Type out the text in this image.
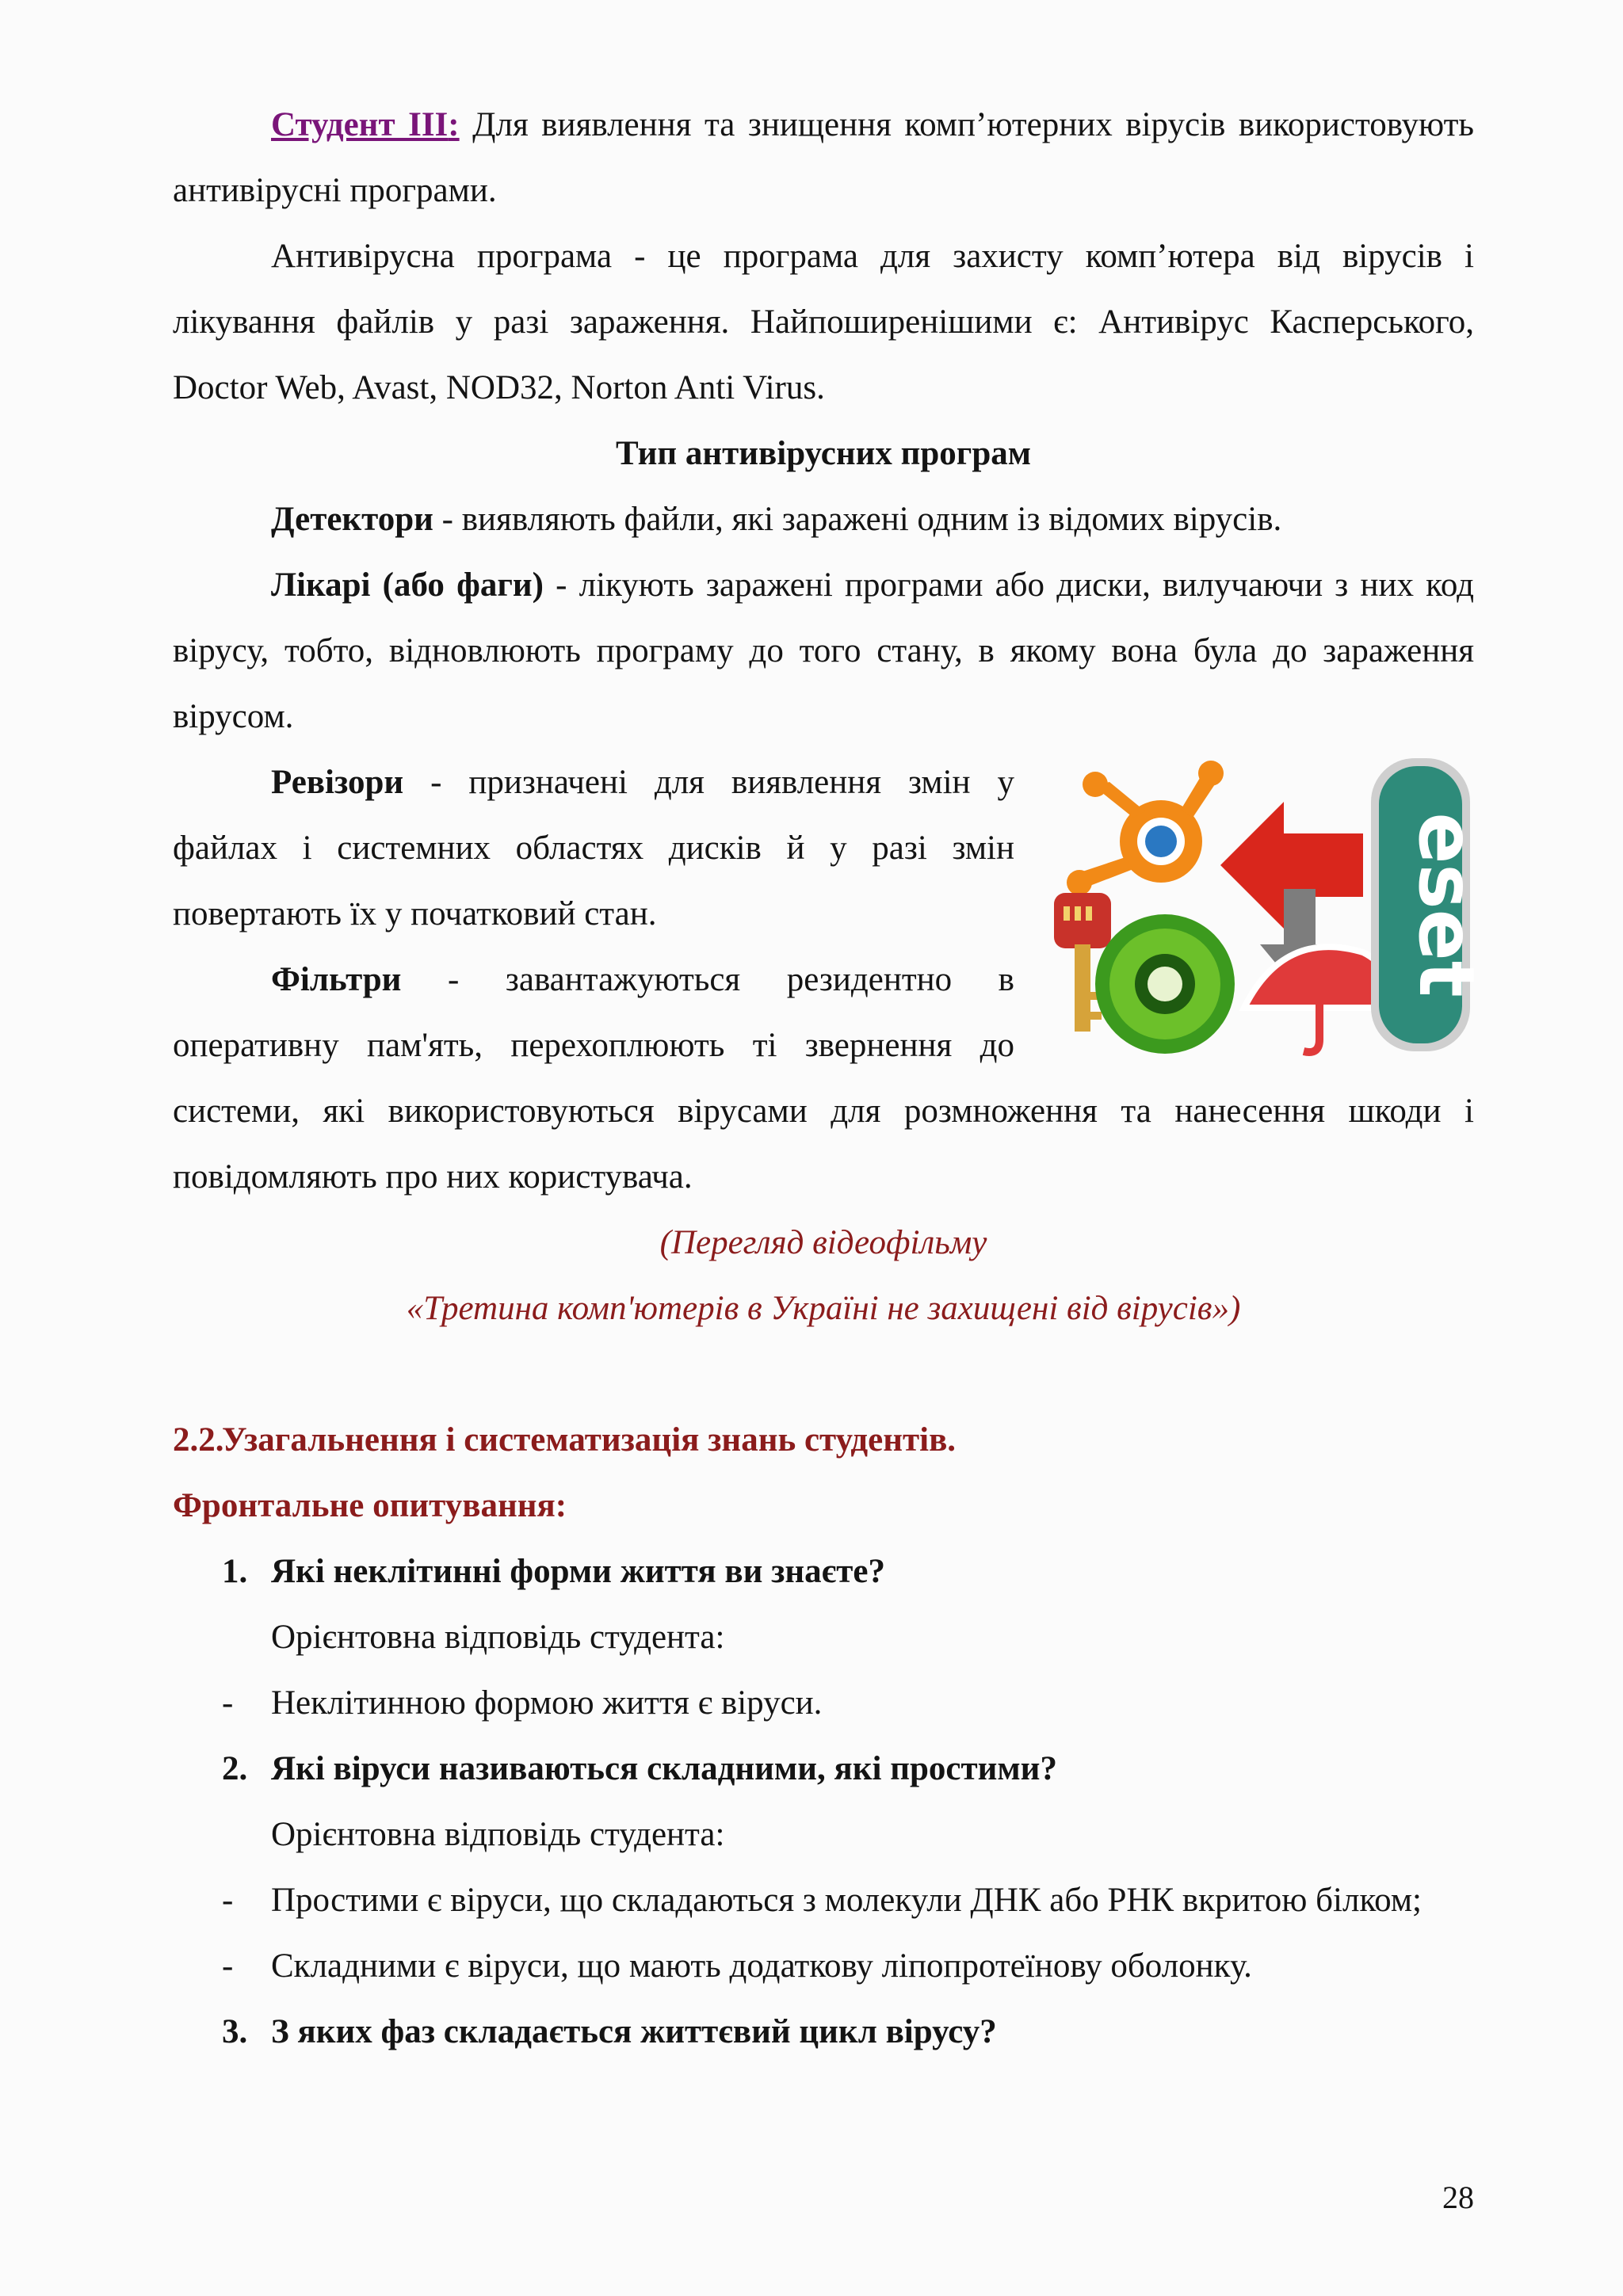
Студент ІІІ: Для виявлення та знищення комп’ютерних вірусів використовують антивірусні програми.

Антивірусна програма - це програма для захисту комп’ютера від вірусів і лікування файлів у разі зараження. Найпоширенішими є: Антивірус Касперського, Doctor Web, Avast, NOD32, Norton Anti Virus.

Тип антивірусних програм

Детектори - виявляють файли, які заражені одним із відомих вірусів.

Лікарі (або фаги) - лікують заражені програми або диски, вилучаючи з них код вірусу, тобто, відновлюють програму до того стану, в якому вона була до зараження вірусом.

eset

Ревізори - призначені для виявлення змін у файлах і системних областях дисків й у разі змін повертають їх у початковий стан.

Фільтри - завантажуються резидентно в оперативну пам'ять, перехоплюють ті звернення до системи, які використовуються вірусами для розмноження та нанесення шкоди і повідомляють про них користувача.

(Перегляд відеофільму

«Третина комп'ютерів в Україні не захищені від вірусів»)

2.2.Узагальнення і систематизація знань студентів.

Фронтальне опитування:

1. Які неклітинні форми життя ви знаєте?

Орієнтовна відповідь студента:

- Неклітинною формою життя є віруси.

2. Які віруси називаються складними, які простими?

Орієнтовна відповідь студента:

- Простими є віруси, що складаються з молекули ДНК або РНК вкритою білком;

- Складними є віруси, що мають додаткову ліпопротеїнову оболонку.

3. З яких фаз складається життєвий цикл вірусу?

28
